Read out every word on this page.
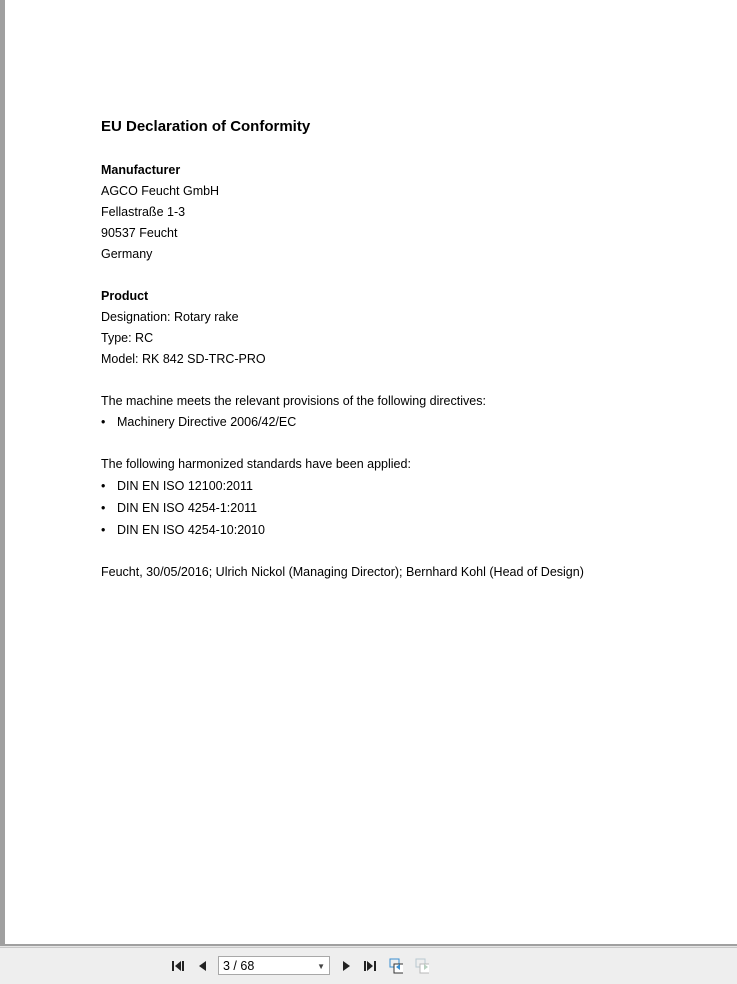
EU Declaration of Conformity
Manufacturer
AGCO Feucht GmbH
Fellastraße 1-3
90537 Feucht
Germany
Product
Designation: Rotary rake
Type: RC
Model: RK 842 SD-TRC-PRO
The machine meets the relevant provisions of the following directives:
• Machinery Directive 2006/42/EC
The following harmonized standards have been applied:
• DIN EN ISO 12100:2011
• DIN EN ISO 4254-1:2011
• DIN EN ISO 4254-10:2010
Feucht, 30/05/2016; Ulrich Nickol (Managing Director); Bernhard Kohl (Head of Design)
3 / 68	▼
